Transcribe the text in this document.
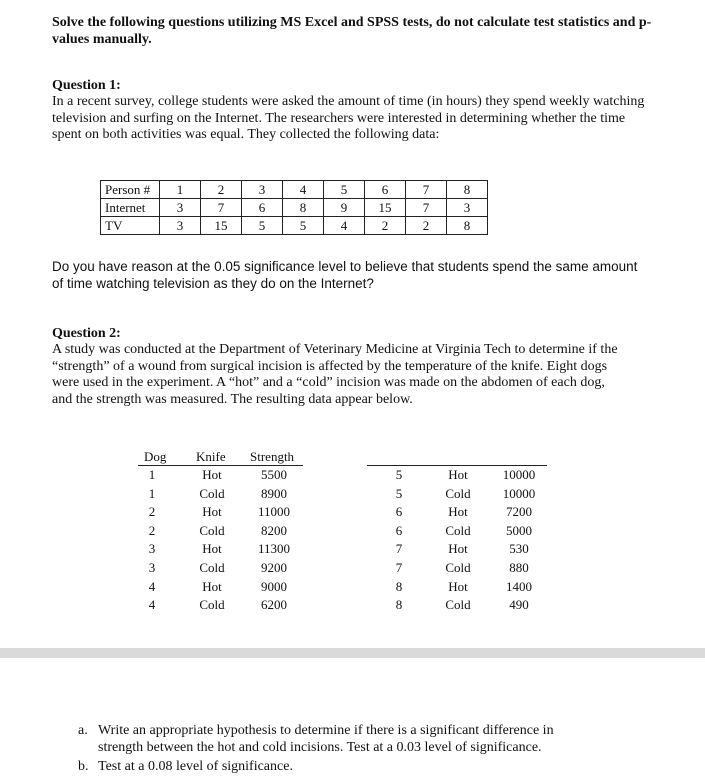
Solve the following questions utilizing MS Excel and SPSS tests, do not calculate test statistics and p-values manually.
Question 1:
In a recent survey, college students were asked the amount of time (in hours) they spend weekly watching television and surfing on the Internet. The researchers were interested in determining whether the time spent on both activities was equal. They collected the following data:
Person #	1	2	3	4	5	6	7	8
Internet	3	7	6	8	9	15	7	3
TV	3	15	5	5	4	2	2	8
Do you have reason at the 0.05 significance level to believe that students spend the same amount of time watching television as they do on the Internet?
Question 2:
A study was conducted at the Department of Veterinary Medicine at Virginia Tech to determine if the “strength” of a wound from surgical incision is affected by the temperature of the knife. Eight dogs were used in the experiment. A “hot” and a “cold” incision was made on the abdomen of each dog, and the strength was measured. The resulting data appear below.
Dog Knife Strength
1	Hot	5500
1	Cold	8900
2	Hot	11000
2	Cold	8200
3	Hot	11300
3	Cold	9200
4	Hot	9000
4	Cold	6200
5	Hot	10000
5	Cold	10000
6	Hot	7200
6	Cold	5000
7	Hot	530
7	Cold	880
8	Hot	1400
8	Cold	490
a. Write an appropriate hypothesis to determine if there is a significant difference in strength between the hot and cold incisions. Test at a 0.03 level of significance.
b. Test at a 0.08 level of significance.
